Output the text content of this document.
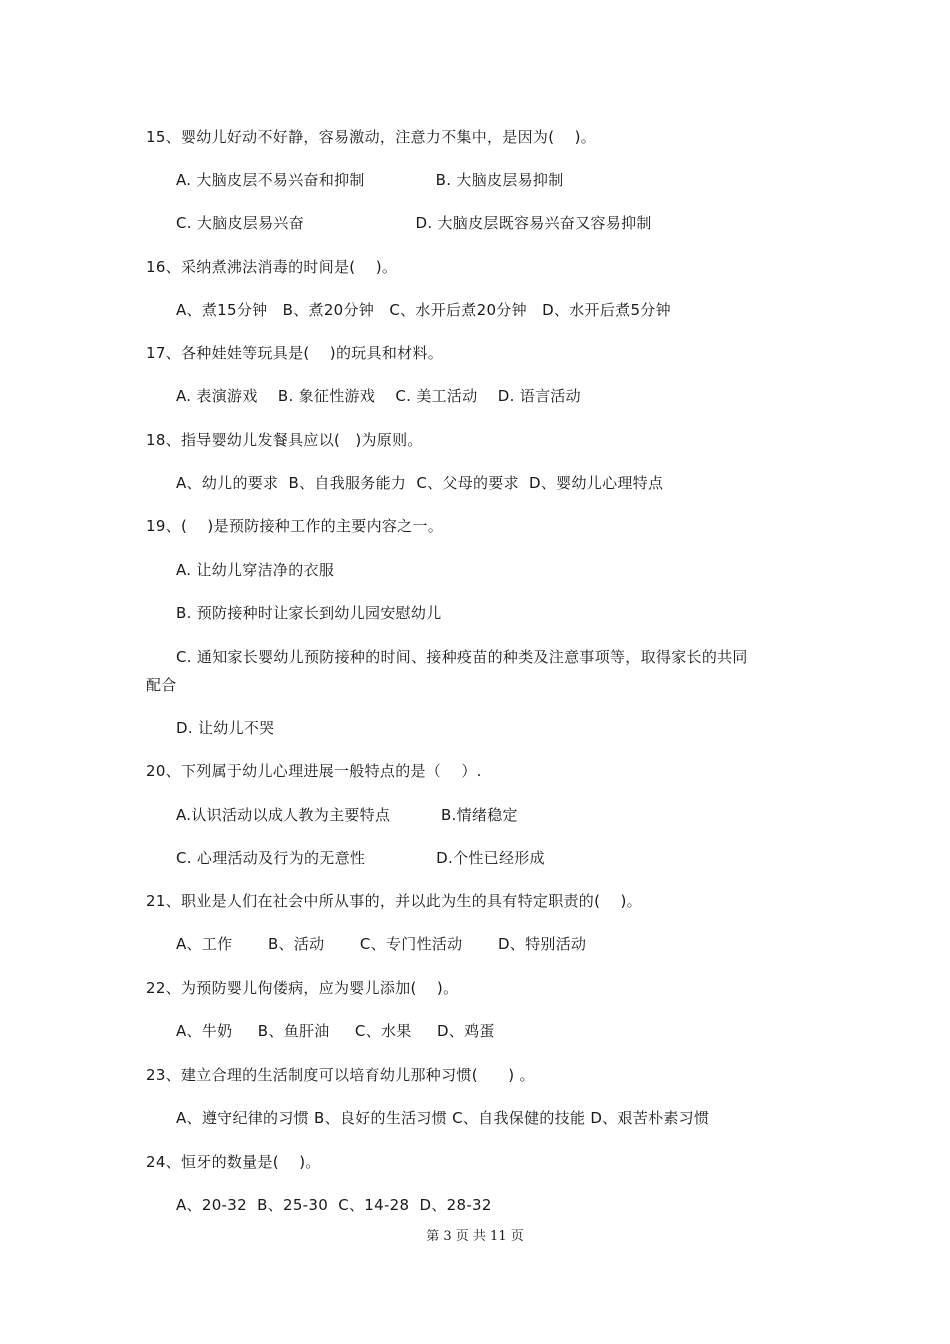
15、婴幼儿好动不好静，容易激动，注意力不集中，是因为(    )。
A. 大脑皮层不易兴奋和抑制              B. 大脑皮层易抑制
C. 大脑皮层易兴奋                      D. 大脑皮层既容易兴奋又容易抑制
16、采纳煮沸法消毒的时间是(    )。
A、煮15分钟   B、煮20分钟   C、水开后煮20分钟   D、水开后煮5分钟
17、各种娃娃等玩具是(    )的玩具和材料。
A. 表演游戏    B. 象征性游戏    C. 美工活动    D. 语言活动
18、指导婴幼儿发餐具应以(   )为原则。
A、幼儿的要求  B、自我服务能力  C、父母的要求  D、婴幼儿心理特点
19、(    )是预防接种工作的主要内容之一。
A. 让幼儿穿洁净的衣服
B. 预防接种时让家长到幼儿园安慰幼儿
C. 通知家长婴幼儿预防接种的时间、接种疫苗的种类及注意事项等，取得家长的共同
配合
D. 让幼儿不哭
20、下列属于幼儿心理进展一般特点的是（    ）.
A.认识活动以成人教为主要特点          B.情绪稳定
C. 心理活动及行为的无意性              D.个性已经形成
21、职业是人们在社会中所从事的，并以此为生的具有特定职责的(    )。
A、工作       B、活动       C、专门性活动       D、特别活动
22、为预防婴儿佝偻病，应为婴儿添加(    )。
A、牛奶     B、鱼肝油     C、水果     D、鸡蛋
23、建立合理的生活制度可以培育幼儿那种习惯(      ) 。
A、遵守纪律的习惯 B、良好的生活习惯 C、自我保健的技能 D、艰苦朴素习惯
24、恒牙的数量是(    )。
A、20-32  B、25-30  C、14-28  D、28-32
第 3 页 共 11 页
